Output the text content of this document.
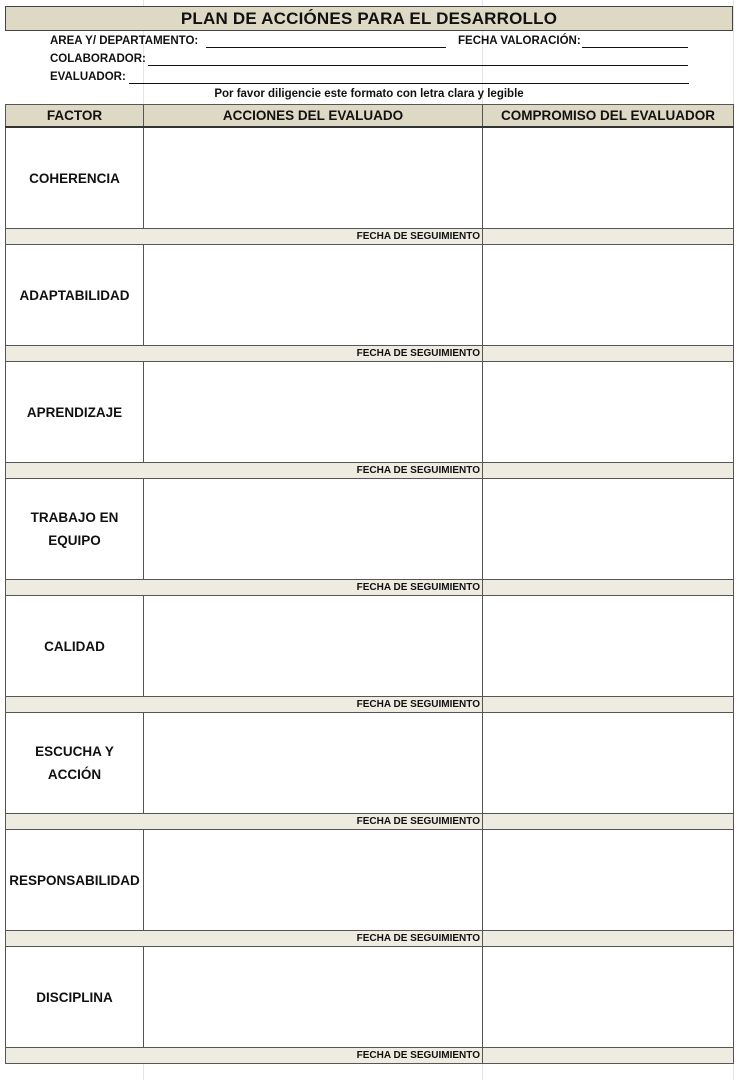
PLAN DE ACCIÓNES PARA EL DESARROLLO
AREA Y/ DEPARTAMENTO:	FECHA VALORACIÓN:
COLABORADOR:
EVALUADOR:
Por favor diligencie este formato con letra clara y legible
FACTOR	ACCIONES DEL EVALUADO	COMPROMISO DEL EVALUADOR
COHERENCIA		
FECHA DE SEGUIMIENTO		
ADAPTABILIDAD		
FECHA DE SEGUIMIENTO		
APRENDIZAJE		
FECHA DE SEGUIMIENTO		
TRABAJO EN EQUIPO		
FECHA DE SEGUIMIENTO		
CALIDAD		
FECHA DE SEGUIMIENTO		
ESCUCHA Y ACCIÓN		
FECHA DE SEGUIMIENTO		
RESPONSABILIDAD		
FECHA DE SEGUIMIENTO		
DISCIPLINA		
FECHA DE SEGUIMIENTO		
